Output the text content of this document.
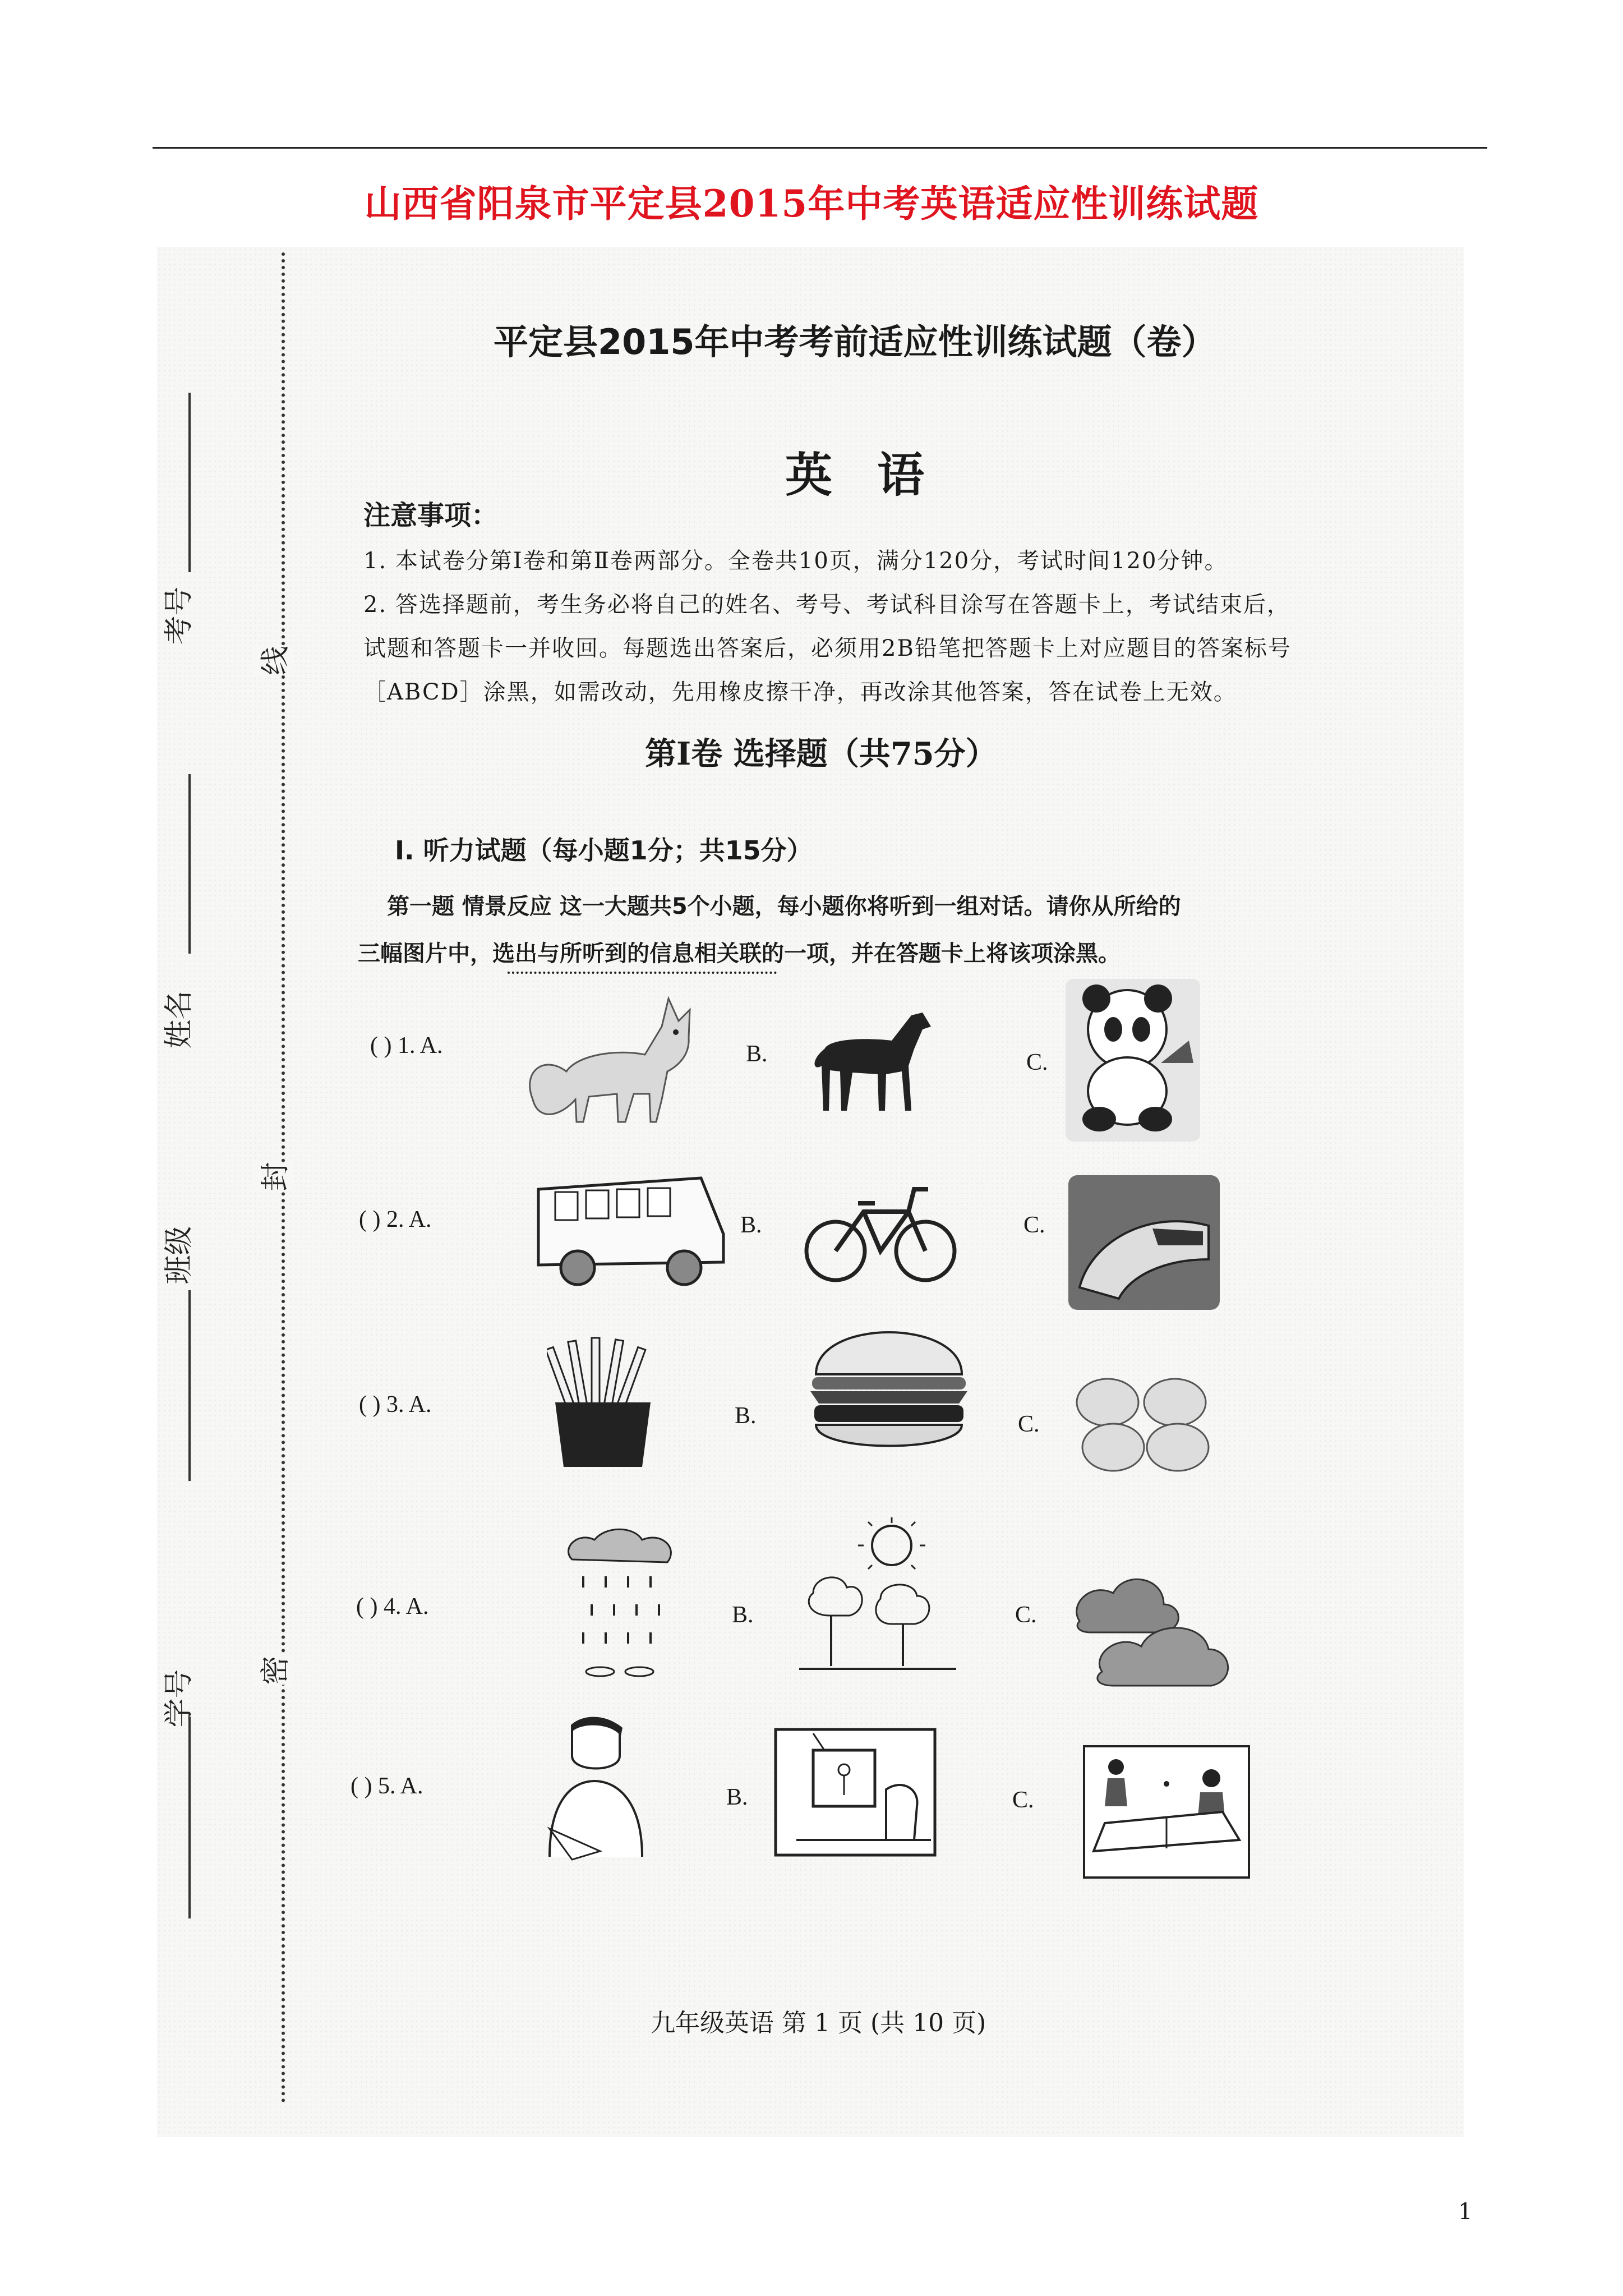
山西省阳泉市平定县2015年中考英语适应性训练试题
考号
姓名
班级
学号
线
封
密
平定县2015年中考考前适应性训练试题（卷）
英语
注意事项：
1. 本试卷分第Ⅰ卷和第Ⅱ卷两部分。全卷共10页，满分120分，考试时间120分钟。
2. 答选择题前，考生务必将自己的姓名、考号、考试科目涂写在答题卡上，考试结束后，
试题和答题卡一并收回。每题选出答案后，必须用2B铅笔把答题卡上对应题目的答案标号
［ABCD］涂黑，如需改动，先用橡皮擦干净，再改涂其他答案，答在试卷上无效。
第Ⅰ卷 选择题（共75分）
Ⅰ. 听力试题（每小题1分；共15分）
第一题 情景反应 这一大题共5个小题，每小题你将听到一组对话。请你从所给的
三幅图片中，选出与所听到的信息相关联的一项，并在答题卡上将该项涂黑。
( ) 1. A.	B.	C.
( ) 2. A.	B.	C.
( ) 3. A.	B.	C.
( ) 4. A.	B.	C.
( ) 5. A.	B.	C.
九年级英语 第 1 页 (共 10 页)
1
